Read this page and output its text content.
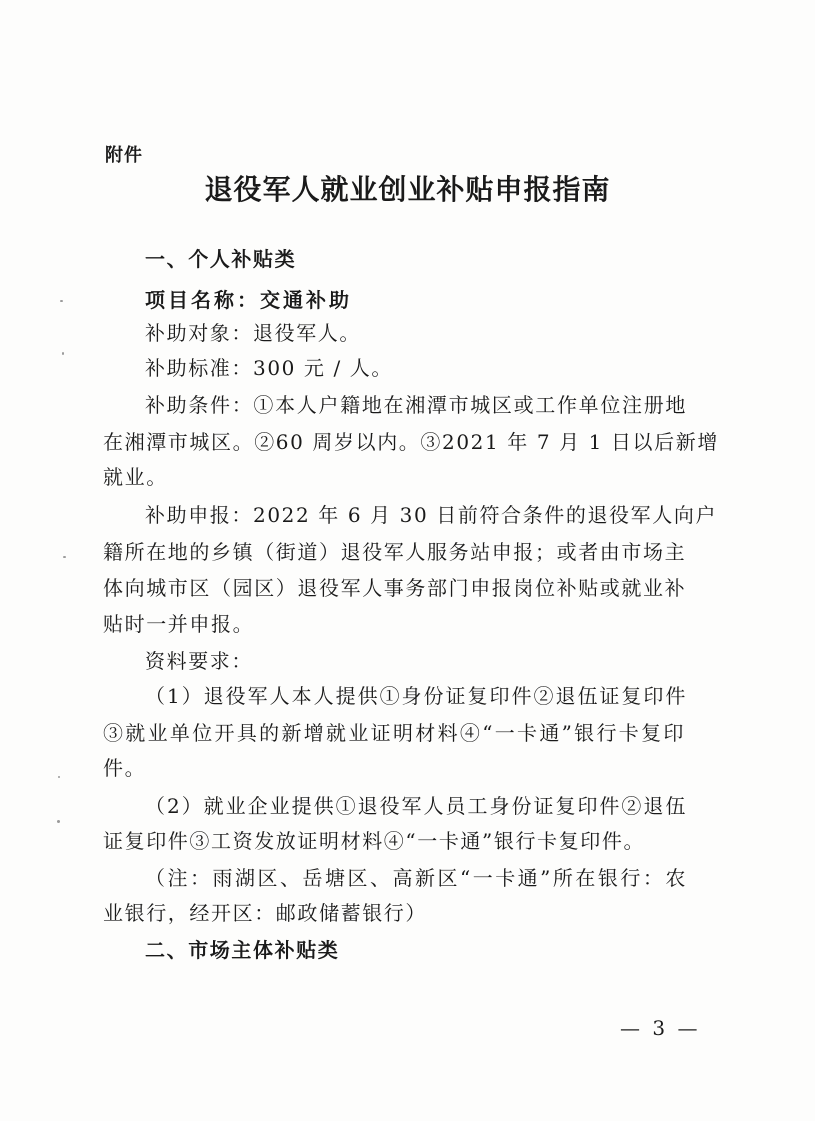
附件
退役军人就业创业补贴申报指南
一、个人补贴类
项目名称：交通补助
补助对象：退役军人。
补助标准：300 元 / 人。
补助条件：①本人户籍地在湘潭市城区或工作单位注册地
在湘潭市城区。②60 周岁以内。③2021 年 7 月 1 日以后新增
就业。
补助申报：2022 年 6 月 30 日前符合条件的退役军人向户
籍所在地的乡镇（街道）退役军人服务站申报；或者由市场主
体向城市区（园区）退役军人事务部门申报岗位补贴或就业补
贴时一并申报。
资料要求：
（1）退役军人本人提供①身份证复印件②退伍证复印件
③就业单位开具的新增就业证明材料④“一卡通”银行卡复印
件。
（2）就业企业提供①退役军人员工身份证复印件②退伍
证复印件③工资发放证明材料④“一卡通”银行卡复印件。
（注：雨湖区、岳塘区、高新区“一卡通”所在银行：农
业银行，经开区：邮政储蓄银行）
二、市场主体补贴类
— 3 —
